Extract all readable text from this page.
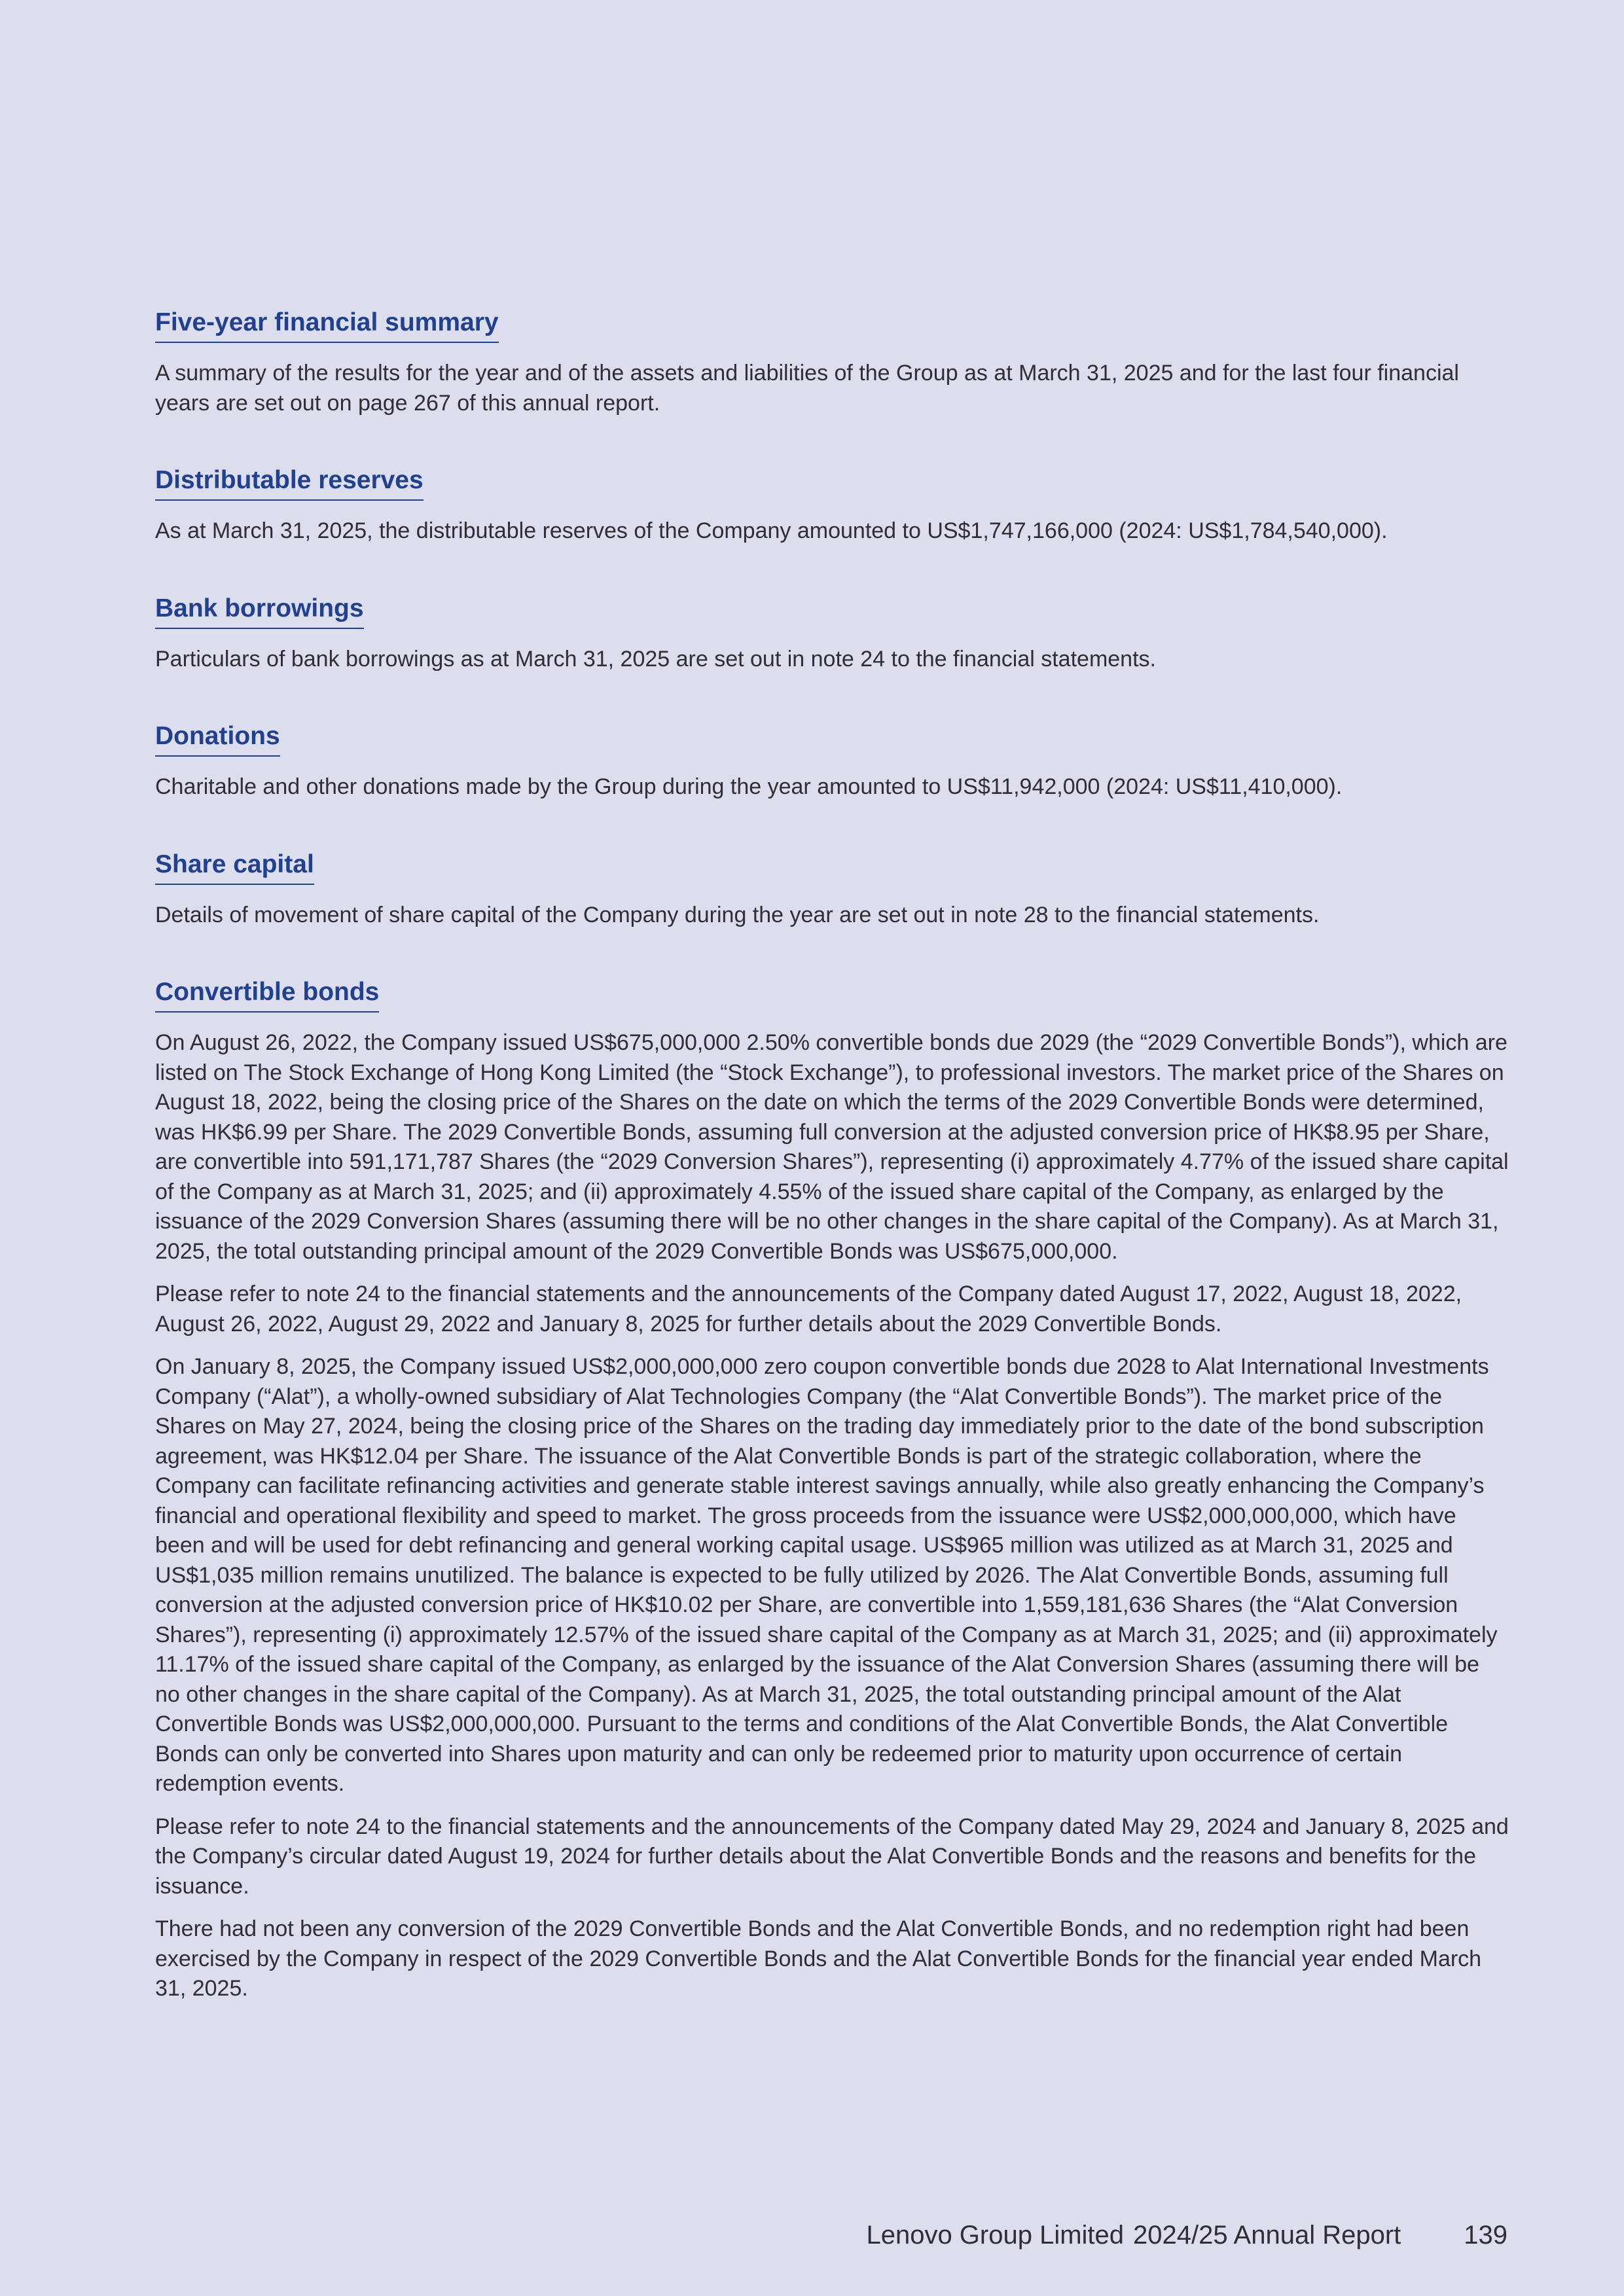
Five-year financial summary

A summary of the results for the year and of the assets and liabilities of the Group as at March 31, 2025 and for the last four financial years are set out on page 267 of this annual report.

Distributable reserves

As at March 31, 2025, the distributable reserves of the Company amounted to US$1,747,166,000 (2024: US$1,784,540,000).

Bank borrowings

Particulars of bank borrowings as at March 31, 2025 are set out in note 24 to the financial statements.

Donations

Charitable and other donations made by the Group during the year amounted to US$11,942,000 (2024: US$11,410,000).

Share capital

Details of movement of share capital of the Company during the year are set out in note 28 to the financial statements.

Convertible bonds

On August 26, 2022, the Company issued US$675,000,000 2.50% convertible bonds due 2029 (the “2029 Convertible Bonds”), which are listed on The Stock Exchange of Hong Kong Limited (the “Stock Exchange”), to professional investors. The market price of the Shares on August 18, 2022, being the closing price of the Shares on the date on which the terms of the 2029 Convertible Bonds were determined, was HK$6.99 per Share. The 2029 Convertible Bonds, assuming full conversion at the adjusted conversion price of HK$8.95 per Share, are convertible into 591,171,787 Shares (the “2029 Conversion Shares”), representing (i) approximately 4.77% of the issued share capital of the Company as at March 31, 2025; and (ii) approximately 4.55% of the issued share capital of the Company, as enlarged by the issuance of the 2029 Conversion Shares (assuming there will be no other changes in the share capital of the Company). As at March 31, 2025, the total outstanding principal amount of the 2029 Convertible Bonds was US$675,000,000.

Please refer to note 24 to the financial statements and the announcements of the Company dated August 17, 2022, August 18, 2022, August 26, 2022, August 29, 2022 and January 8, 2025 for further details about the 2029 Convertible Bonds.

On January 8, 2025, the Company issued US$2,000,000,000 zero coupon convertible bonds due 2028 to Alat International Investments Company (“Alat”), a wholly-owned subsidiary of Alat Technologies Company (the “Alat Convertible Bonds”). The market price of the Shares on May 27, 2024, being the closing price of the Shares on the trading day immediately prior to the date of the bond subscription agreement, was HK$12.04 per Share. The issuance of the Alat Convertible Bonds is part of the strategic collaboration, where the Company can facilitate refinancing activities and generate stable interest savings annually, while also greatly enhancing the Company’s financial and operational flexibility and speed to market. The gross proceeds from the issuance were US$2,000,000,000, which have been and will be used for debt refinancing and general working capital usage. US$965 million was utilized as at March 31, 2025 and US$1,035 million remains unutilized. The balance is expected to be fully utilized by 2026. The Alat Convertible Bonds, assuming full conversion at the adjusted conversion price of HK$10.02 per Share, are convertible into 1,559,181,636 Shares (the “Alat Conversion Shares”), representing (i) approximately 12.57% of the issued share capital of the Company as at March 31, 2025; and (ii) approximately 11.17% of the issued share capital of the Company, as enlarged by the issuance of the Alat Conversion Shares (assuming there will be no other changes in the share capital of the Company). As at March 31, 2025, the total outstanding principal amount of the Alat Convertible Bonds was US$2,000,000,000. Pursuant to the terms and conditions of the Alat Convertible Bonds, the Alat Convertible Bonds can only be converted into Shares upon maturity and can only be redeemed prior to maturity upon occurrence of certain redemption events.

Please refer to note 24 to the financial statements and the announcements of the Company dated May 29, 2024 and January 8, 2025 and the Company’s circular dated August 19, 2024 for further details about the Alat Convertible Bonds and the reasons and benefits for the issuance.

There had not been any conversion of the 2029 Convertible Bonds and the Alat Convertible Bonds, and no redemption right had been exercised by the Company in respect of the 2029 Convertible Bonds and the Alat Convertible Bonds for the financial year ended March 31, 2025.

Lenovo Group Limited 2024/25 Annual Report 139
